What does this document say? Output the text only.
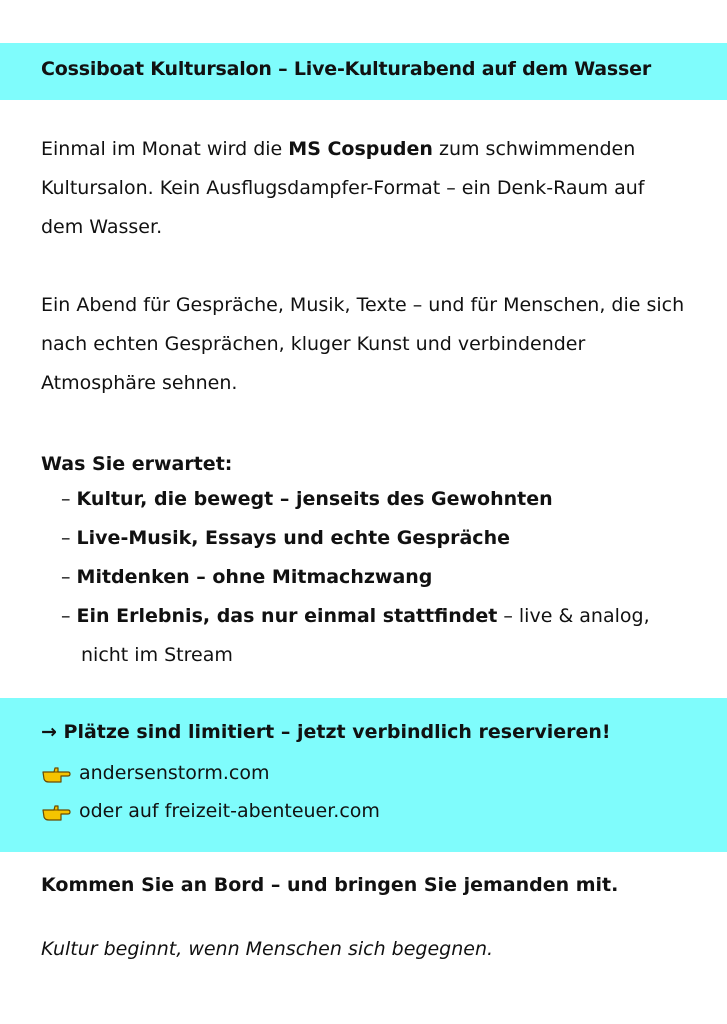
Cossiboat Kultursalon – Live-Kulturabend auf dem Wasser

Einmal im Monat wird die MS Cospuden zum schwimmenden Kultursalon. Kein Ausflugsdampfer-Format – ein Denk-Raum auf dem Wasser.

Ein Abend für Gespräche, Musik, Texte – und für Menschen, die sich nach echten Gesprächen, kluger Kunst und verbindender Atmosphäre sehnen.

Was Sie erwartet:
– Kultur, die bewegt – jenseits des Gewohnten
– Live-Musik, Essays und echte Gespräche
– Mitdenken – ohne Mitmachzwang
– Ein Erlebnis, das nur einmal stattfindet – live & analog,
nicht im Stream
→ Plätze sind limitiert – jetzt verbindlich reservieren!
andersenstorm.com
oder auf freizeit-abenteuer.com
Kommen Sie an Bord – und bringen Sie jemanden mit.
Kultur beginnt, wenn Menschen sich begegnen.
